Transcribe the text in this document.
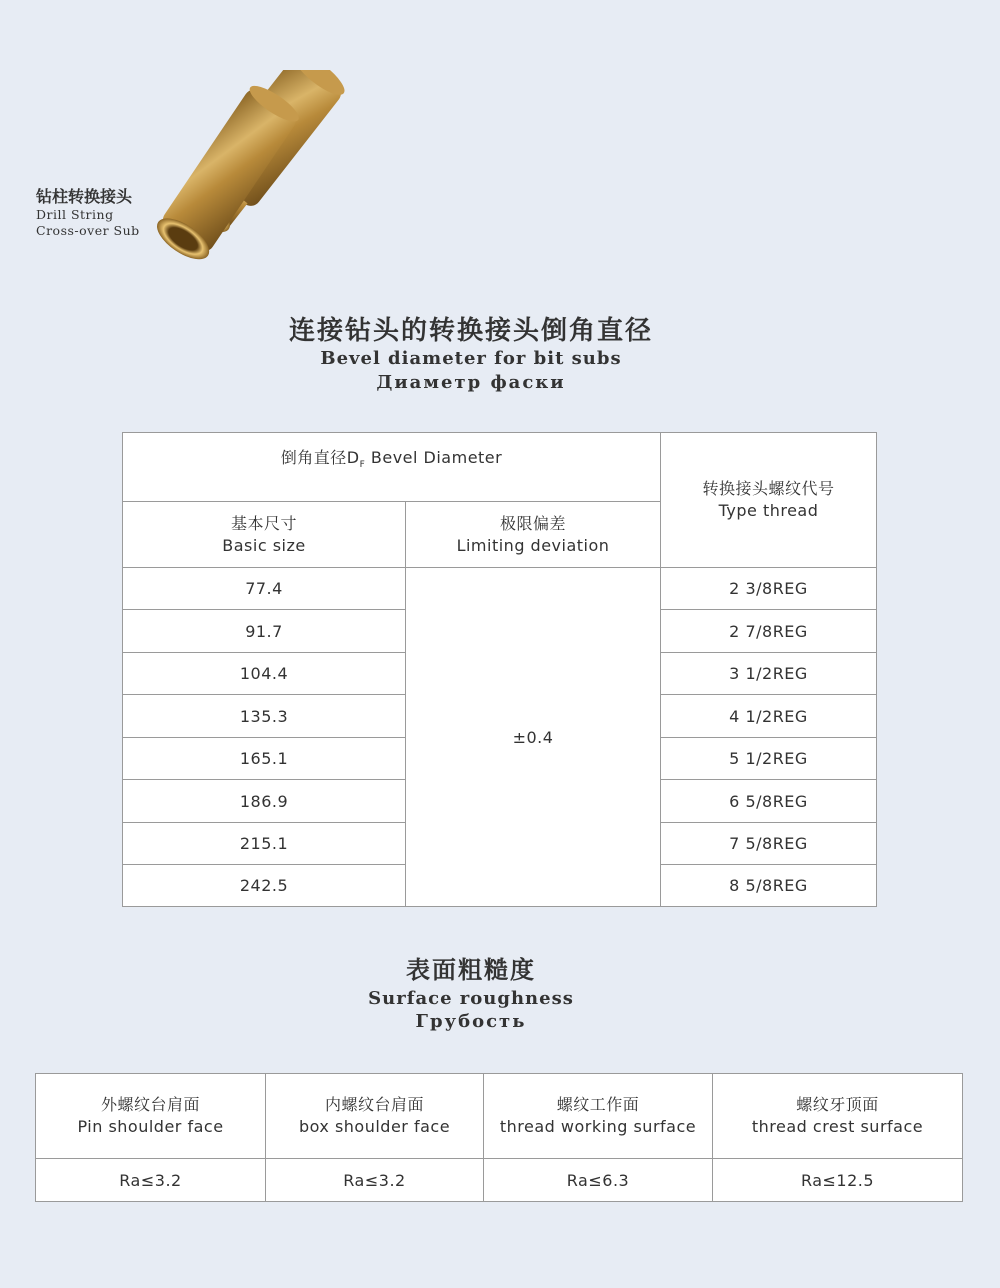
钻柱转换接头
Drill String
Cross-over Sub
连接钻头的转换接头倒角直径
Bevel diameter for bit subs
Диаметр фаски
倒角直径$D_F$ Bevel Diameter		转换接头螺纹代号
Type thread

基本尺寸
Basic size	极限偏差
Limiting deviation	

77.4	±0.4	2 3/8REG
91.7		2 7/8REG
104.4		3 1/2REG
135.3		4 1/2REG
165.1		5 1/2REG
186.9		6 5/8REG
215.1		7 5/8REG
242.5		8 5/8REG
表面粗糙度
Surface roughness
Грубость
外螺纹台肩面
Pin shoulder face	内螺纹台肩面
box shoulder face	螺纹工作面
thread working surface	螺纹牙顶面
thread crest surface

Ra≤3.2	Ra≤3.2	Ra≤6.3	Ra≤12.5
